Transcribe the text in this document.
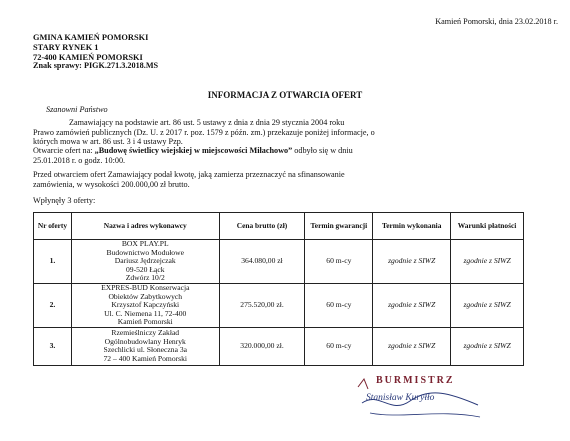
Kamień Pomorski, dnia 23.02.2018 r.
GMINA KAMIEŃ POMORSKI
STARY RYNEK 1
72-400 KAMIEŃ POMORSKI
Znak sprawy: PIGK.271.3.2018.MS
INFORMACJA Z OTWARCIA OFERT
Szanowni Państwo
Zamawiający na podstawie art. 86 ust. 5 ustawy z dnia z dnia 29 stycznia 2004 roku
Prawo zamówień publicznych (Dz. U. z 2017 r. poz. 1579 z późn. zm.) przekazuje poniżej informacje, o
których mowa w art. 86 ust. 3 i 4 ustawy Pzp.
Otwarcie ofert na: „Budowę świetlicy wiejskiej w miejscowości Miłachowo” odbyło się w dniu
25.01.2018 r. o godz. 10:00.
Przed otwarciem ofert Zamawiający podał kwotę, jaką zamierza przeznaczyć na sfinansowanie
zamówienia, w wysokości 200.000,00 zł brutto.
Wpłynęły 3 oferty:
Nr oferty	Nazwa i adres wykonawcy	Cena brutto (zł)	Termin gwarancji	Termin wykonania	Warunki płatności
1.	BOX PLAY.PL
Budownictwo Modułowe
Dariusz Jędrzejczak
09-520 Łąck
Zdwórz 10/2	364.080,00 zł	60 m-cy	zgodnie z SIWZ	zgodnie z SIWZ
2.	EXPRES-BUD Konserwacja
Obiektów Zabytkowych
Krzysztof Kapczyński
Ul. C. Niemena 11, 72-400
Kamień Pomorski	275.520,00 zł.	60 m-cy	zgodnie z SIWZ	zgodnie z SIWZ
3.	Rzemieślniczy Zakład
Ogólnobudowlany Henryk
Szechlicki ul. Słoneczna 3a
72 – 400 Kamień Pomorski	320.000,00 zł.	60 m-cy	zgodnie z SIWZ	zgodnie z SIWZ
BURMISTRZ
Stanisław Kuryłło
